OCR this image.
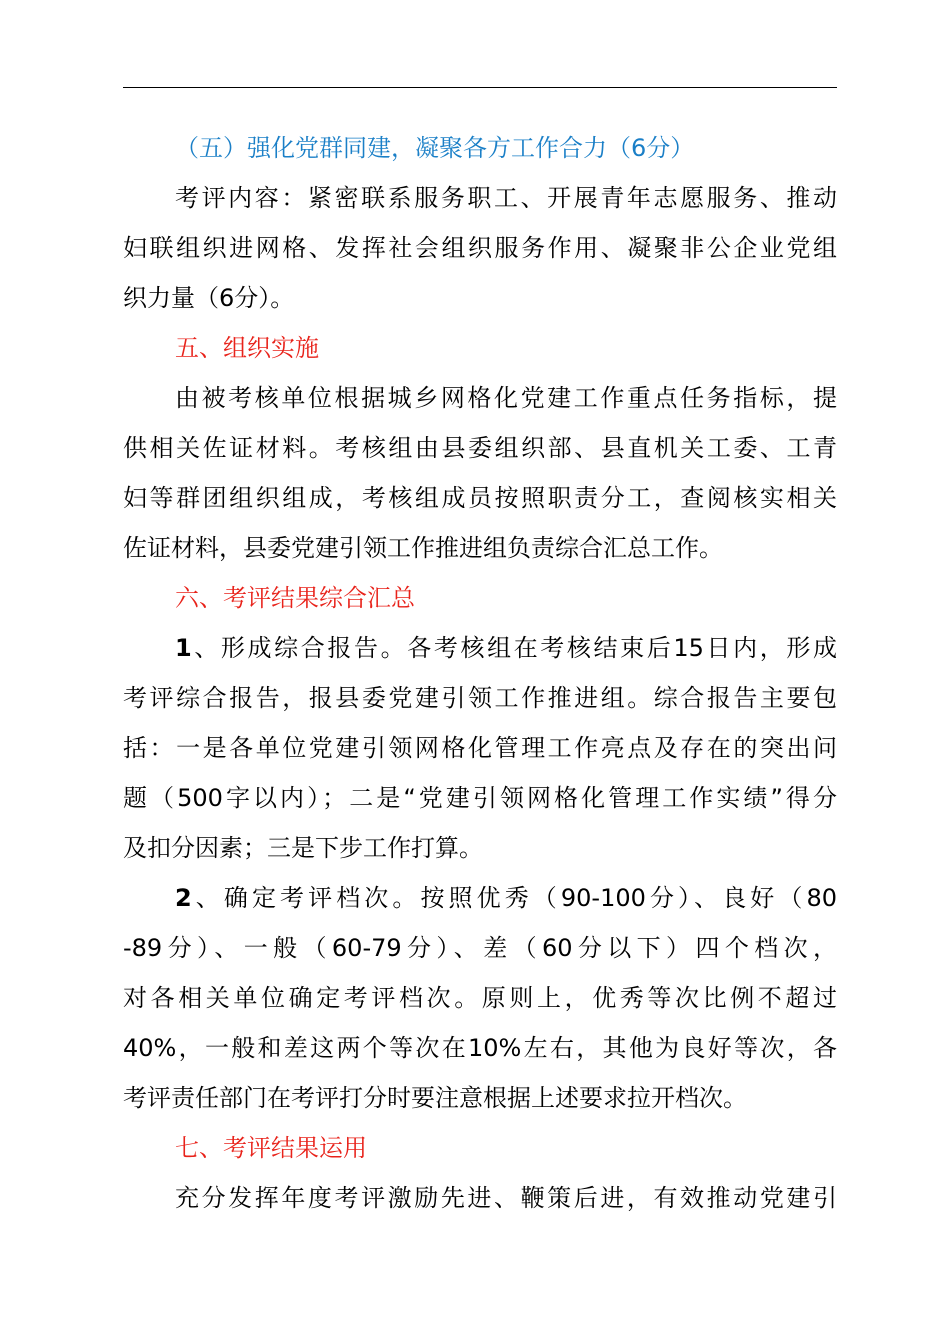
（五）强化党群同建，凝聚各方工作合力（6分）
考评内容：紧密联系服务职工、开展青年志愿服务、推动
妇联组织进网格、发挥社会组织服务作用、凝聚非公企业党组
织力量（6分）。
五、组织实施
由被考核单位根据城乡网格化党建工作重点任务指标，提
供相关佐证材料。考核组由县委组织部、县直机关工委、工青
妇等群团组织组成，考核组成员按照职责分工，查阅核实相关
佐证材料，县委党建引领工作推进组负责综合汇总工作。
六、考评结果综合汇总
1、形成综合报告。各考核组在考核结束后15日内，形成
考评综合报告，报县委党建引领工作推进组。综合报告主要包
括：一是各单位党建引领网格化管理工作亮点及存在的突出问
题（500字以内）；二是“党建引领网格化管理工作实绩”得分
及扣分因素；三是下步工作打算。
2、确定考评档次。按照优秀（90-100分）、良好（80
-89分）、一般（60-79分）、差（60分以下）四个档次，
对各相关单位确定考评档次。原则上，优秀等次比例不超过
40%，一般和差这两个等次在10%左右，其他为良好等次，各
考评责任部门在考评打分时要注意根据上述要求拉开档次。
七、考评结果运用
充分发挥年度考评激励先进、鞭策后进，有效推动党建引
